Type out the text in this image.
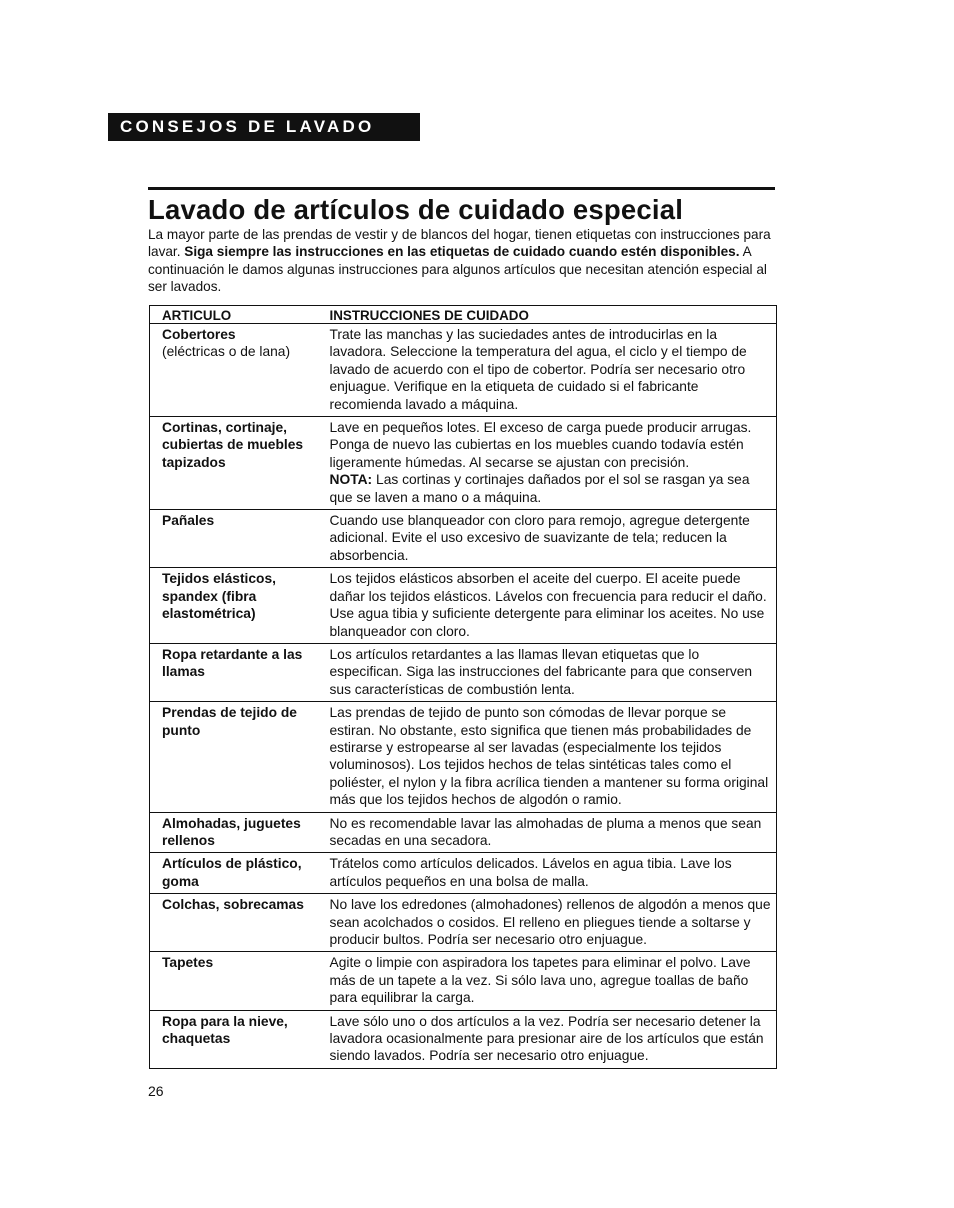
CONSEJOS DE LAVADO
Lavado de artículos de cuidado especial

La mayor parte de las prendas de vestir y de blancos del hogar, tienen etiquetas con instrucciones para lavar. Siga siempre las instrucciones en las etiquetas de cuidado cuando estén disponibles. A continuación le damos algunas instrucciones para algunos artículos que necesitan atención especial al ser lavados.

ARTICULO	INSTRUCCIONES DE CUIDADO

Cobertores
(eléctricas o de lana)	Trate las manchas y las suciedades antes de introducirlas en la lavadora. Seleccione la temperatura del agua, el ciclo y el tiempo de lavado de acuerdo con el tipo de cobertor. Podría ser necesario otro enjuague. Verifique en la etiqueta de cuidado si el fabricante recomienda lavado a máquina.

Cortinas, cortinaje, cubiertas de muebles tapizados	Lave en pequeños lotes. El exceso de carga puede producir arrugas. Ponga de nuevo las cubiertas en los muebles cuando todavía estén ligeramente húmedas. Al secarse se ajustan con precisión.
NOTA: Las cortinas y cortinajes dañados por el sol se rasgan ya sea que se laven a mano o a máquina.

Pañales	Cuando use blanqueador con cloro para remojo, agregue detergente adicional. Evite el uso excesivo de suavizante de tela; reducen la absorbencia.

Tejidos elásticos, spandex (fibra elastométrica)	Los tejidos elásticos absorben el aceite del cuerpo. El aceite puede dañar los tejidos elásticos. Lávelos con frecuencia para reducir el daño. Use agua tibia y suficiente detergente para eliminar los aceites. No use blanqueador con cloro.

Ropa retardante a las llamas	Los artículos retardantes a las llamas llevan etiquetas que lo especifican. Siga las instrucciones del fabricante para que conserven sus características de combustión lenta.

Prendas de tejido de punto	Las prendas de tejido de punto son cómodas de llevar porque se estiran. No obstante, esto significa que tienen más probabilidades de estirarse y estropearse al ser lavadas (especialmente los tejidos voluminosos). Los tejidos hechos de telas sintéticas tales como el poliéster, el nylon y la fibra acrílica tienden a mantener su forma original más que los tejidos hechos de algodón o ramio.

Almohadas, juguetes rellenos	No es recomendable lavar las almohadas de pluma a menos que sean secadas en una secadora.

Artículos de plástico, goma	Trátelos como artículos delicados. Lávelos en agua tibia. Lave los artículos pequeños en una bolsa de malla.

Colchas, sobrecamas	No lave los edredones (almohadones) rellenos de algodón a menos que sean acolchados o cosidos. El relleno en pliegues tiende a soltarse y producir bultos. Podría ser necesario otro enjuague.

Tapetes	Agite o limpie con aspiradora los tapetes para eliminar el polvo. Lave más de un tapete a la vez. Si sólo lava uno, agregue toallas de baño para equilibrar la carga.

Ropa para la nieve, chaquetas	Lave sólo uno o dos artículos a la vez. Podría ser necesario detener la lavadora ocasionalmente para presionar aire de los artículos que están siendo lavados. Podría ser necesario otro enjuague.
26
